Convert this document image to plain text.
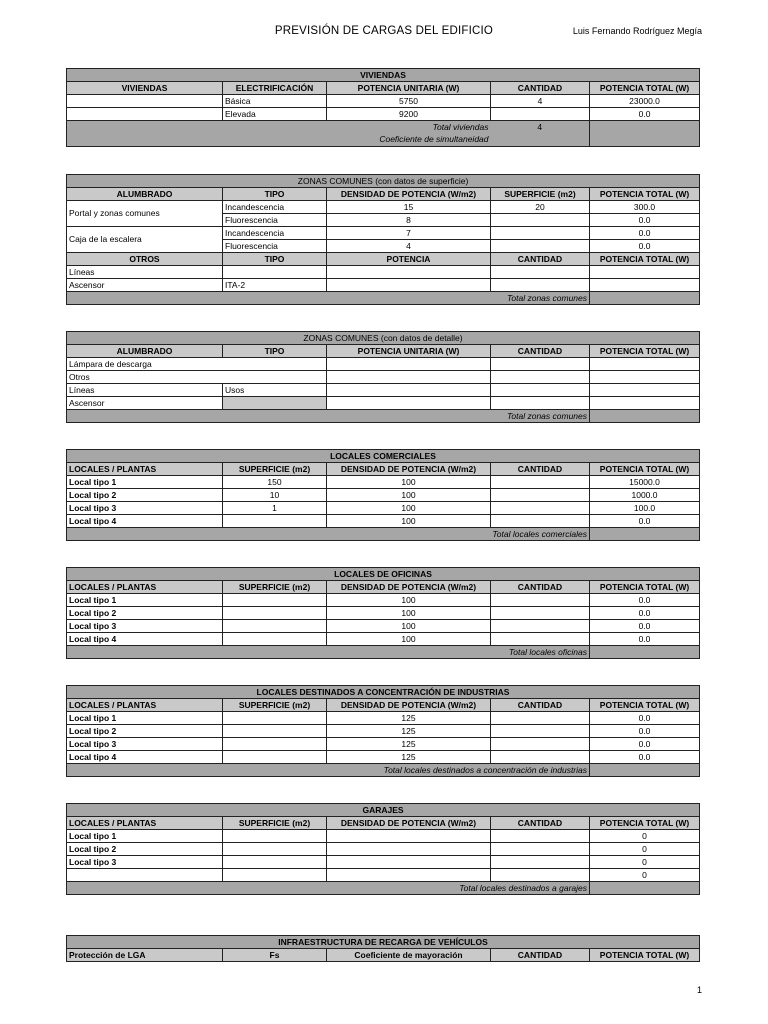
PREVISIÓN DE CARGAS DEL EDIFICIO	Luis Fernando Rodríguez Megía
VIVIENDAS				
VIVIENDAS	ELECTRIFICACIÓN	POTENCIA UNITARIA (W)	CANTIDAD	POTENCIA TOTAL (W)
	Básica	5750	4	23000.0
	Elevada	9200		0.0
Total viviendas			4	
Coeficiente de simultaneidad				
ZONAS COMUNES (con datos de superficie)				
ALUMBRADO	TIPO	DENSIDAD DE POTENCIA (W/m2)	SUPERFICIE (m2)	POTENCIA TOTAL (W)
Portal y zonas comunes	Incandescencia	15	20	300.0
	Fluorescencia	8		0.0
Caja de la escalera	Incandescencia	7		0.0
	Fluorescencia	4		0.0
OTROS	TIPO	POTENCIA	CANTIDAD	POTENCIA TOTAL (W)
Líneas				
Ascensor	ITA-2			
Total zonas comunes				
ZONAS COMUNES (con datos de detalle)				
ALUMBRADO	TIPO	POTENCIA UNITARIA (W)	CANTIDAD	POTENCIA TOTAL (W)
Lámpara de descarga				
Otros				
Líneas	Usos			
Ascensor				
Total zonas comunes				
LOCALES COMERCIALES				
LOCALES / PLANTAS	SUPERFICIE (m2)	DENSIDAD DE POTENCIA (W/m2)	CANTIDAD	POTENCIA TOTAL (W)
Local tipo 1	150	100		15000.0
Local tipo 2	10	100		1000.0
Local tipo 3	1	100		100.0
Local tipo 4		100		0.0
Total locales comerciales				
LOCALES DE OFICINAS				
LOCALES / PLANTAS	SUPERFICIE (m2)	DENSIDAD DE POTENCIA (W/m2)	CANTIDAD	POTENCIA TOTAL (W)
Local tipo 1		100		0.0
Local tipo 2		100		0.0
Local tipo 3		100		0.0
Local tipo 4		100		0.0
Total locales oficinas				
LOCALES DESTINADOS A CONCENTRACIÓN DE INDUSTRIAS				
LOCALES / PLANTAS	SUPERFICIE (m2)	DENSIDAD DE POTENCIA (W/m2)	CANTIDAD	POTENCIA TOTAL (W)
Local tipo 1		125		0.0
Local tipo 2		125		0.0
Local tipo 3		125		0.0
Local tipo 4		125		0.0
Total locales destinados a concentración de industrias				
GARAJES				
LOCALES / PLANTAS	SUPERFICIE (m2)	DENSIDAD DE POTENCIA (W/m2)	CANTIDAD	POTENCIA TOTAL (W)
Local tipo 1				0
Local tipo 2				0
Local tipo 3				0
				0
Total locales destinados a garajes				
INFRAESTRUCTURA DE RECARGA DE VEHÍCULOS
Protección de LGA	Fs	Coeficiente de mayoración	CANTIDAD	POTENCIA TOTAL (W)
1
